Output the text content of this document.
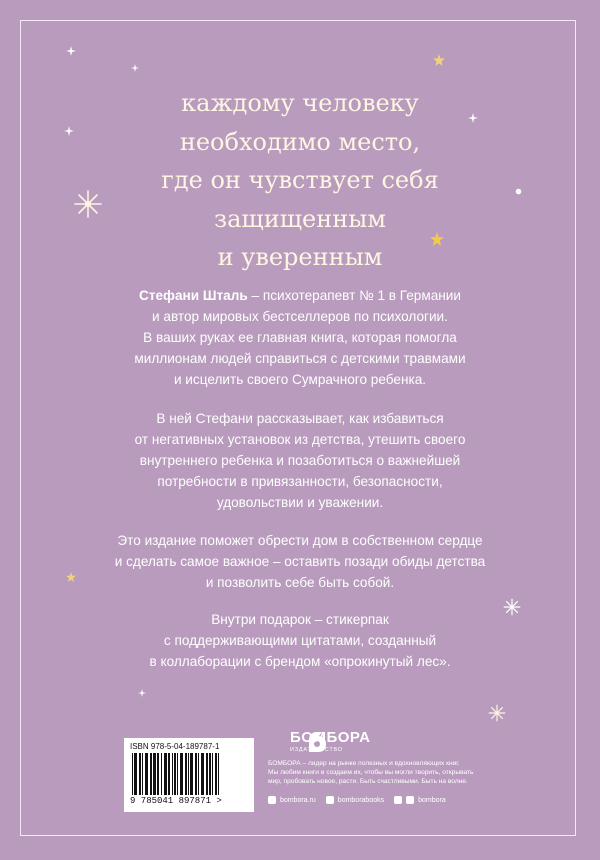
каждому человеку
необходимо место,
где он чувствует себя
защищенным
и уверенным
Стефани Шталь – психотерапевт № 1 в Германии
и автор мировых бестселлеров по психологии.
В ваших руках ее главная книга, которая помогла
миллионам людей справиться с детскими травмами
и исцелить своего Сумрачного ребенка.
В ней Стефани рассказывает, как избавиться
от негативных установок из детства, утешить своего
внутреннего ребенка и позаботиться о важнейшей
потребности в привязанности, безопасности,
удовольствии и уважении.
Это издание поможет обрести дом в собственном сердце
и сделать самое важное – оставить позади обиды детства
и позволить себе быть собой.
Внутри подарок – стикерпак
с поддерживающими цитатами, созданный
в коллаборации с брендом «опрокинутый лес».
ISBN 978-5-04-189787-1
9 785041 897871 >
БОМБОРА
ИЗДАТЕЛЬСТВО
БОМБОРА – лидер на рынке полезных и вдохновляющих книг.
Мы любим книги и создаем их, чтобы вы могли творить, открывать
мир, пробовать новое, расти. Быть счастливыми. Быть на волне.
bombora.ru	bomborabooks	bombora
